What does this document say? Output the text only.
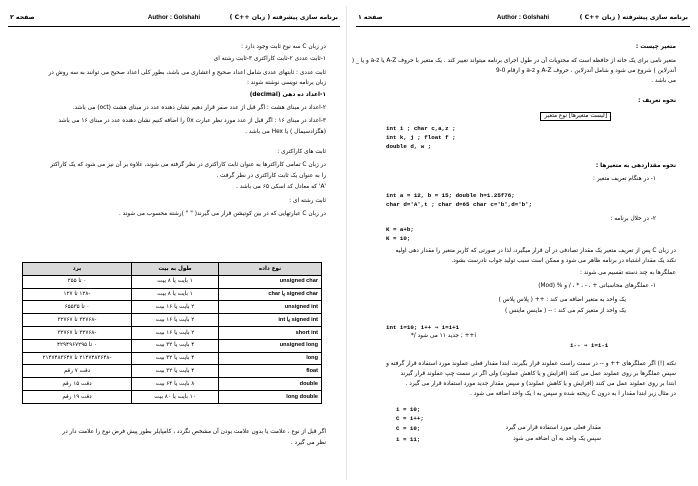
برنامه سازی پیشرفته ( زبان ++C )
Author : Golshahi
صفحه ۱
متغیر چیست :
متغیر نامی برای یک خانه از حافظه است که محتویات آن در طول اجرای برنامه میتواند تغییر کند . یک متغیر با حروف A-Z یا a-z و یا _ (
آندرلاین ) شروع می شود و شامل آندرلاین ، حروف A-Z و a-z و ارقام 0-9
می باشد .
نحوه تعریف :
[لیست متغیرها] نوع متغیر
int i ; char c,a,z ;
int k, j ; float f ;
double d, w ;
نحوه مقداردهی به متغیرها :
۱- در هنگام تعریف متغیر :
int a = 12, b = 15; double h=1.25f76;
char d='A',t ; char d=65 char c='b',d='b';
۲- در خلال برنامه :
K = a+b;
K = 10;
در زبان C پس از تعریف متغیر یک مقدار تصادفی در آن قرار میگیرد، لذا در صورتی که کاربر متغیر را مقدار دهی اولیه
نکند یک مقدار اشتباه در برنامه ظاهر می شود و ممکن است سبب تولید جواب نادرست بشود.
عملگرها به چند دسته تقسیم می شوند :
۱- عملگرهای محاسباتی + ، - ، * ، / و % (Mod)
یک واحد به متغیر اضافه می کند : ++ ( پلاس پلاس )
یک واحد از متغیر کم می کند : -- ( ماینس ماینس )
int i=10; i++ ⇒ i=i+1
i++ ; جدید ۱۱ می شود /*
i-- ⇒ i=i-1
نکته (!) اگر عملگرهای ++ و -- در سمت راست عملوند قرار بگیرند، ابتدا مقدار فعلی عملوند مورد استفاده قرار گرفته و
سپس عملگرها بر روی عملوند عمل می کنند (افزایش و یا کاهش عملوند) ولی اگر در سمت چپ عملوند قرار گیرند
ابتدا بر روی عملوند عمل می کنند (افزایش و یا کاهش عملوند) و سپس مقدار جدید مورد استفاده قرار می گیرد .
در مثال زیر ابتدا مقدار i به درون C ریخته شده و سپس به i یک واحد اضافه می شود .
i = 10;
C = i++;
C = 10;	مقدار فعلی مورد استفاده قرار می گیرد
i = 11;	سپس یک واحد به آن اضافه می شود
برنامه سازی پیشرفته ( زبان ++C )
Author : Golshahi
صفحه ۲
در زبان C سه نوع ثابت وجود دارد :
۱-ثابت عددی ۲-ثابت کاراکتری ۳-ثابت رشته ای
ثابت عددی : ثابتهای عددی شامل اعداد صحیح و اعشاری می باشد، بطور کلی اعداد صحیح می توانند به سه روش در
زبان برنامه نویسی نوشته شوند :
۱-اعداد ده دهی (decimal)
۲-اعداد در مبنای هشت : اگر قبل از عدد صفر قرار دهیم نشان دهنده عدد در مبنای هشت (oct) می باشد.
۳-اعداد در مبنای ۱۶ : اگر قبل از عدد مورد نظر عبارت 0x را اضافه کنیم نشان دهنده عدد در مبنای ۱۶ می باشد
(هگزادسیمال ) یا Hex می باشد .
ثابت های کاراکتری :
در زبان C تمامی کاراکترها به عنوان ثابت کاراکتری در نظر گرفته می شوند، علاوه بر آن نیز می شود که یک کاراکتر
را به عنوان یک ثابت کاراکتری در نظر گرفت .
'A' که معادل کد اسکی ۶۵ می باشد .
ثابت رشته ای :
در زبان C عبارتهایی که در بین کوتیشن قرار می گیرند( " " )رشته محسوب می شوند .
اگر قبل از نوع ، علامت یا بدون علامت بودن آن مشخص نگردد ، کامپایلر بطور پیش فرض نوع را علامت دار در
نظر می گیرد .
برد	طول به بیت	نوع داده
۰ تا ۲۵۵	۱ بایت یا ۸ بیت	unsigned char
-۱۲۸ تا ۱۲۷	۱ بایت یا ۸ بیت	signed char یا char
۰ تا ۶۵۵۳۵	۲ بایت یا ۱۶ بیت	unsigned int
-۳۲۷۶۸ تا ۳۲۷۶۷	۲ بایت یا ۱۶ بیت	signed int یا int
-۳۲۷۶۸ تا ۳۲۷۶۷	۲ بایت یا ۱۶ بیت	short int
۰ تا ۴۲۹۴۹۶۷۲۹۵	۴ بایت یا ۳۲ بیت	unsigned long
-۲۱۴۷۴۸۳۶۴۸ تا ۲۱۴۷۴۸۳۶۴۷	۴ بایت یا ۳۲ بیت	long
دقت ۷ رقم	۴ بایت یا ۳۲ بیت	float
دقت ۱۵ رقم	۸ بایت یا ۶۴ بیت	double
دقت ۱۹ رقم	۱۰ بایت یا ۸۰ بیت	long double
